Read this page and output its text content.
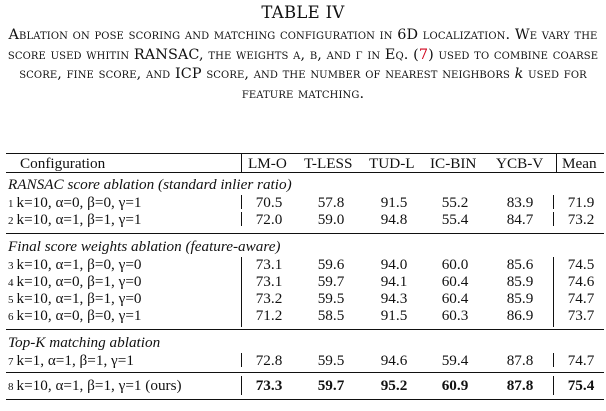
TABLE IV
Ablation on pose scoring and matching configuration in 6D localization. We vary the score used whitin RANSAC, the weights α, β, and γ in Eq. (7) used to combine coarse score, fine score, and ICP score, and the number of nearest neighbors k used for feature matching.
Configuration	LM-O T-LESS TUD-L IC-BIN YCB-V Mean
RANSAC score ablation (standard inlier ratio)
1 k=10, α=0, β=0, γ=1	70.5	57.8	91.5	55.2	83.9	71.9
2 k=10, α=1, β=1, γ=1	72.0	59.0	94.8	55.4	84.7	73.2
Final score weights ablation (feature-aware)
3 k=10, α=1, β=0, γ=0	73.1	59.6	94.0	60.0	85.6	74.5
4 k=10, α=0, β=1, γ=0	73.1	59.7	94.1	60.4	85.9	74.6
5 k=10, α=1, β=1, γ=0	73.2	59.5	94.3	60.4	85.9	74.7
6 k=10, α=0, β=0, γ=1	71.2	58.5	91.5	60.3	86.9	73.7
Top-K matching ablation
7 k=1, α=1, β=1, γ=1	72.8	59.5	94.6	59.4	87.8	74.7
8 k=10, α=1, β=1, γ=1 (ours)	73.3	59.7	95.2	60.9	87.8	75.4
